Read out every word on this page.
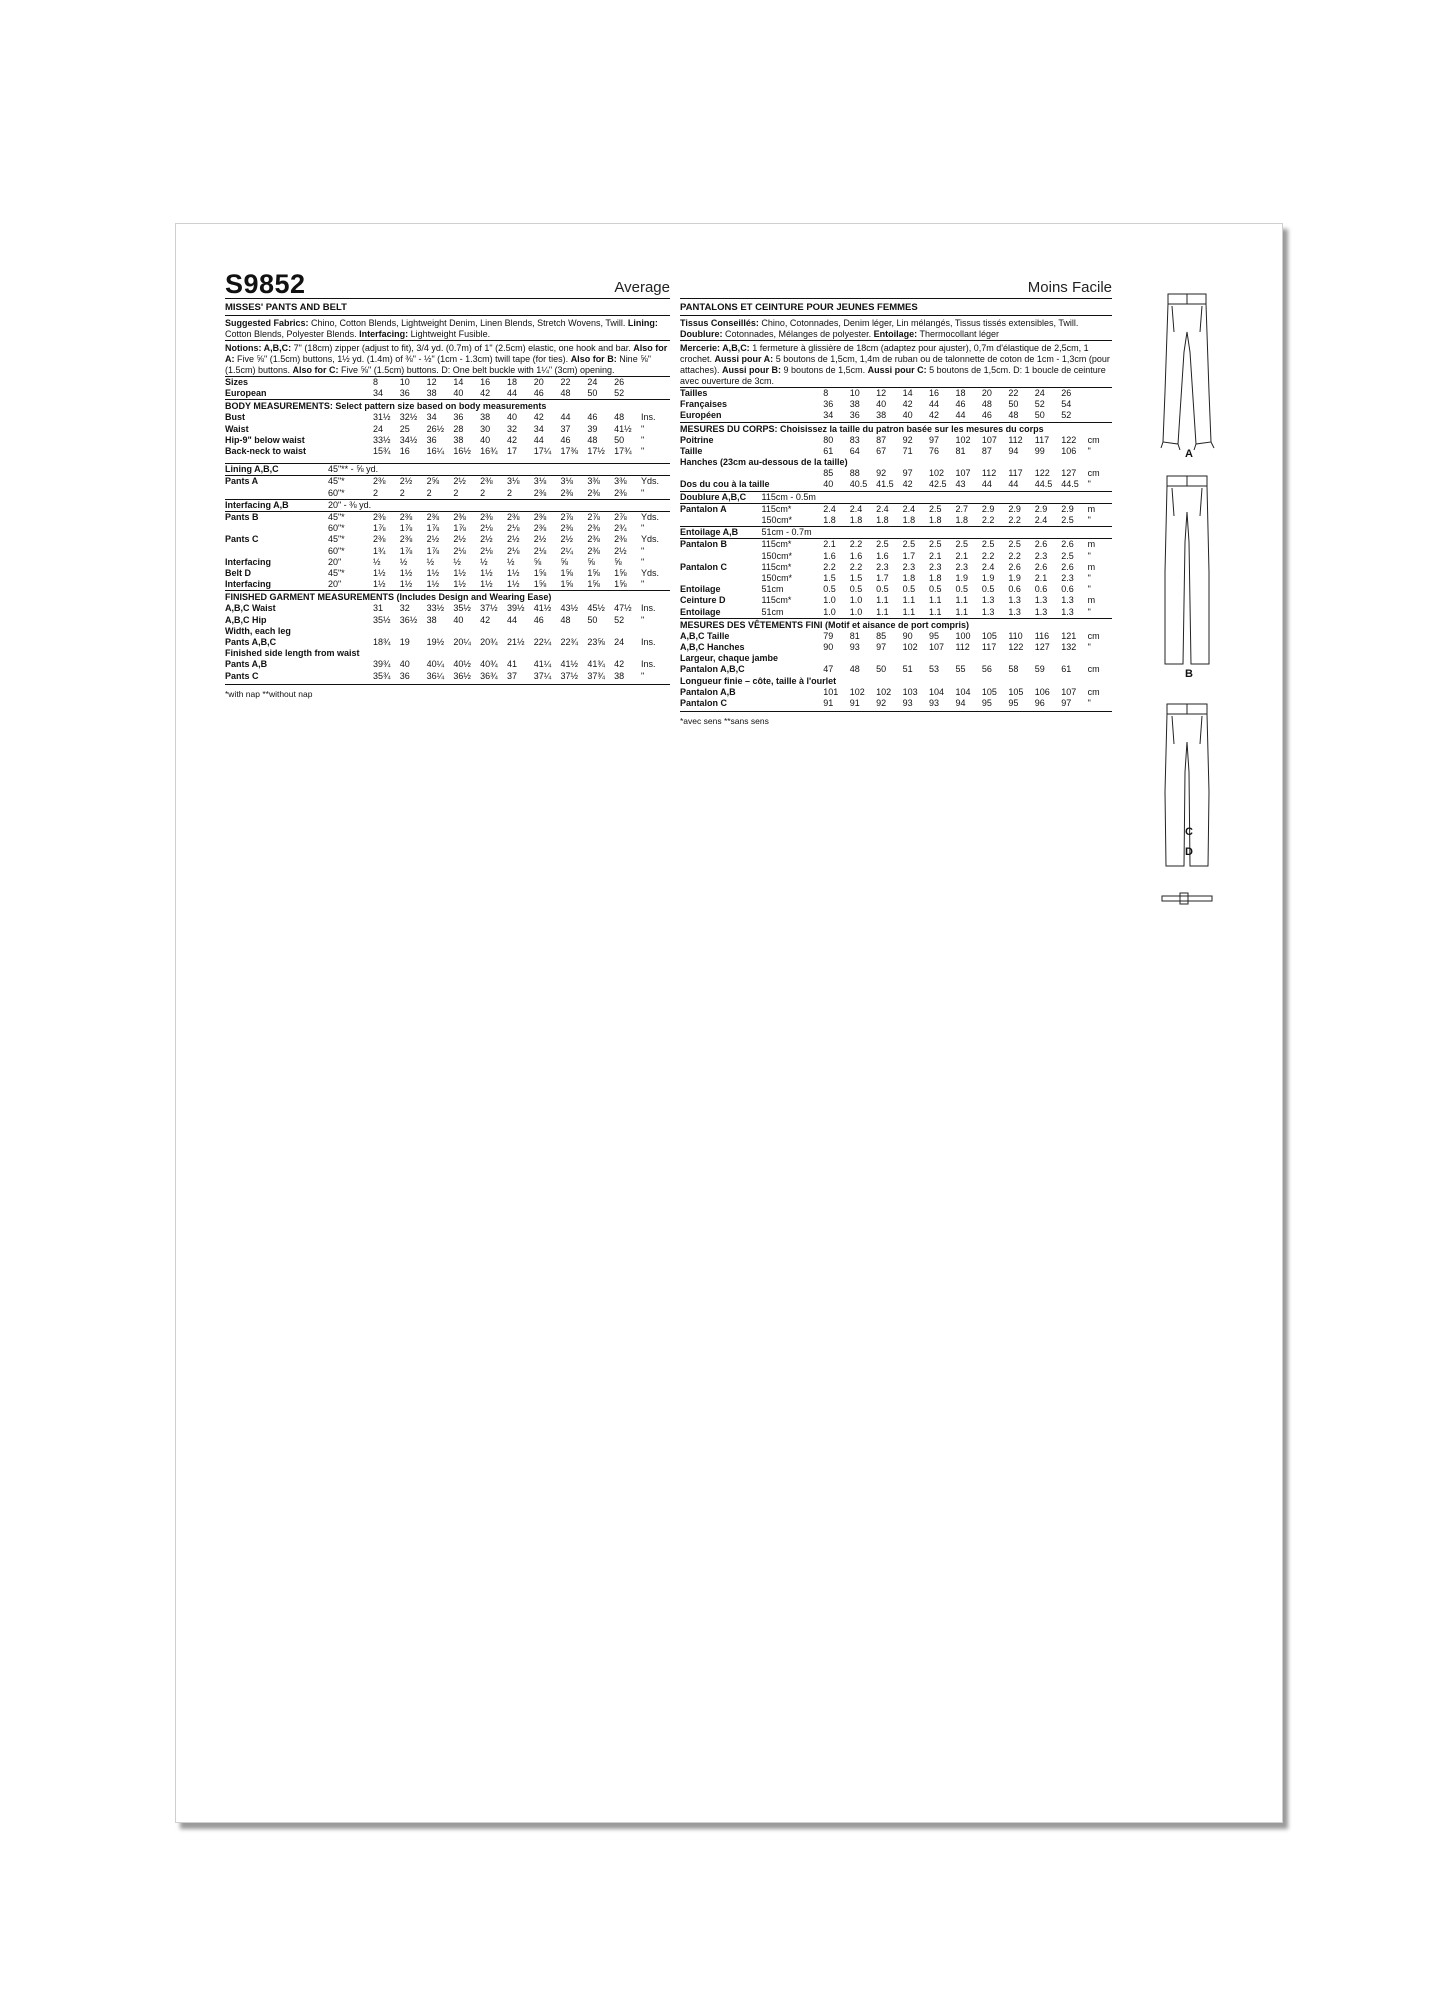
S9852	Average
MISSES' PANTS AND BELT
Suggested Fabrics: Chino, Cotton Blends, Lightweight Denim, Linen Blends, Stretch Wovens, Twill. Lining: Cotton Blends, Polyester Blends. Interfacing: Lightweight Fusible.
Notions: A,B,C: 7" (18cm) zipper (adjust to fit), 3/4 yd. (0.7m) of 1" (2.5cm) elastic, one hook and bar. Also for A: Five ⅝" (1.5cm) buttons, 1½ yd. (1.4m) of ⅜" - ½" (1cm - 1.3cm) twill tape (for ties). Also for B: Nine ⅝" (1.5cm) buttons. Also for C: Five ⅝" (1.5cm) buttons. D: One belt buckle with 1¼" (3cm) opening.
Sizes		8	10	12	14	16	18	20	22	24	26	
European		34	36	38	40	42	44	46	48	50	52	
BODY MEASUREMENTS: Select pattern size based on body measurements
Bust		31½	32½	34	36	38	40	42	44	46	48	Ins.
Waist		24	25	26½	28	30	32	34	37	39	41½	"
Hip-9" below waist		33½	34½	36	38	40	42	44	46	48	50	"
Back-neck to waist		15¾	16	16¼	16½	16¾	17	17¼	17⅜	17½	17¾	"
Lining A,B,C	45"** - ⅝ yd.											
Pants A	45"*	2⅜	2½	2⅝	2½	2⅜	3⅛	3⅛	3⅛	3⅜	3⅜	Yds.
	60"*	2	2	2	2	2	2	2⅜	2⅜	2⅜	2⅜	"
Interfacing A,B	20" - ⅜ yd.											
Pants B	45"*	2⅜	2⅜	2⅜	2⅜	2⅜	2⅜	2⅜	2⅞	2⅞	2⅞	Yds.
	60"*	1⅞	1⅞	1⅞	1⅞	2⅛	2⅛	2⅜	2⅜	2⅜	2¾	"
Pants C	45"*	2⅜	2⅜	2½	2½	2½	2½	2½	2½	2⅜	2⅜	Yds.
	60"*	1¾	1⅞	1⅞	2⅛	2⅛	2⅛	2⅛	2¼	2⅜	2½	"
Interfacing	20"	½	½	½	½	½	½	⅝	⅝	⅝	⅝	"
Belt D	45"*	1½	1½	1½	1½	1½	1½	1⅝	1⅝	1⅝	1⅝	Yds.
Interfacing	20"	1½	1½	1½	1½	1½	1½	1⅝	1⅝	1⅝	1⅝	"
FINISHED GARMENT MEASUREMENTS (Includes Design and Wearing Ease)
A,B,C Waist		31	32	33½	35½	37½	39½	41½	43½	45½	47½	Ins.
A,B,C Hip		35½	36½	38	40	42	44	46	48	50	52	"
Width, each leg												
Pants A,B,C		18¾	19	19½	20¼	20¾	21½	22¼	22¾	23⅝	24	Ins.
Finished side length from waist												
Pants A,B		39¾	40	40¼	40½	40¾	41	41¼	41½	41¾	42	Ins.
Pants C		35¾	36	36¼	36½	36¾	37	37¼	37½	37¾	38	"
*with nap **without nap
Moins Facile
PANTALONS ET CEINTURE POUR JEUNES FEMMES
Tissus Conseillés: Chino, Cotonnades, Denim léger, Lin mélangés, Tissus tissés extensibles, Twill. Doublure: Cotonnades, Mélanges de polyester. Entoilage: Thermocollant léger
Mercerie: A,B,C: 1 fermeture à glissière de 18cm (adaptez pour ajuster), 0,7m d'élastique de 2,5cm, 1 crochet. Aussi pour A: 5 boutons de 1,5cm, 1,4m de ruban ou de talonnette de coton de 1cm - 1,3cm (pour attaches). Aussi pour B: 9 boutons de 1,5cm. Aussi pour C: 5 boutons de 1,5cm. D: 1 boucle de ceinture avec ouverture de 3cm.
Tailles		8	10	12	14	16	18	20	22	24	26	
Françaises		36	38	40	42	44	46	48	50	52	54	
Européen		34	36	38	40	42	44	46	48	50	52	
MESURES DU CORPS: Choisissez la taille du patron basée sur les mesures du corps
Poitrine		80	83	87	92	97	102	107	112	117	122	cm
Taille		61	64	67	71	76	81	87	94	99	106	"
Hanches (23cm au-dessous de la taille)												
		85	88	92	97	102	107	112	117	122	127	cm
Dos du cou à la taille		40	40.5	41.5	42	42.5	43	44	44	44.5	44.5	"
Doublure A,B,C	115cm - 0.5m											
Pantalon A	115cm*	2.4	2.4	2.4	2.4	2.5	2.7	2.9	2.9	2.9	2.9	m
	150cm*	1.8	1.8	1.8	1.8	1.8	1.8	2.2	2.2	2.4	2.5	"
Entoilage A,B	51cm - 0.7m											
Pantalon B	115cm*	2.1	2.2	2.5	2.5	2.5	2.5	2.5	2.5	2.6	2.6	m
	150cm*	1.6	1.6	1.6	1.7	2.1	2.1	2.2	2.2	2.3	2.5	"
Pantalon C	115cm*	2.2	2.2	2.3	2.3	2.3	2.3	2.4	2.6	2.6	2.6	m
	150cm*	1.5	1.5	1.7	1.8	1.8	1.9	1.9	1.9	2.1	2.3	"
Entoilage	51cm	0.5	0.5	0.5	0.5	0.5	0.5	0.5	0.6	0.6	0.6	"
Ceinture D	115cm*	1.0	1.0	1.1	1.1	1.1	1.1	1.3	1.3	1.3	1.3	m
Entoilage	51cm	1.0	1.0	1.1	1.1	1.1	1.1	1.3	1.3	1.3	1.3	"
MESURES DES VÊTEMENTS FINI (Motif et aisance de port compris)
A,B,C Taille		79	81	85	90	95	100	105	110	116	121	cm
A,B,C Hanches		90	93	97	102	107	112	117	122	127	132	"
Largeur, chaque jambe												
Pantalon A,B,C		47	48	50	51	53	55	56	58	59	61	cm
Longueur finie – côte, taille à l'ourlet												
Pantalon A,B		101	102	102	103	104	104	105	105	106	107	cm
Pantalon C		91	91	92	93	93	94	95	95	96	97	"
*avec sens **sans sens
A
B
C
D
